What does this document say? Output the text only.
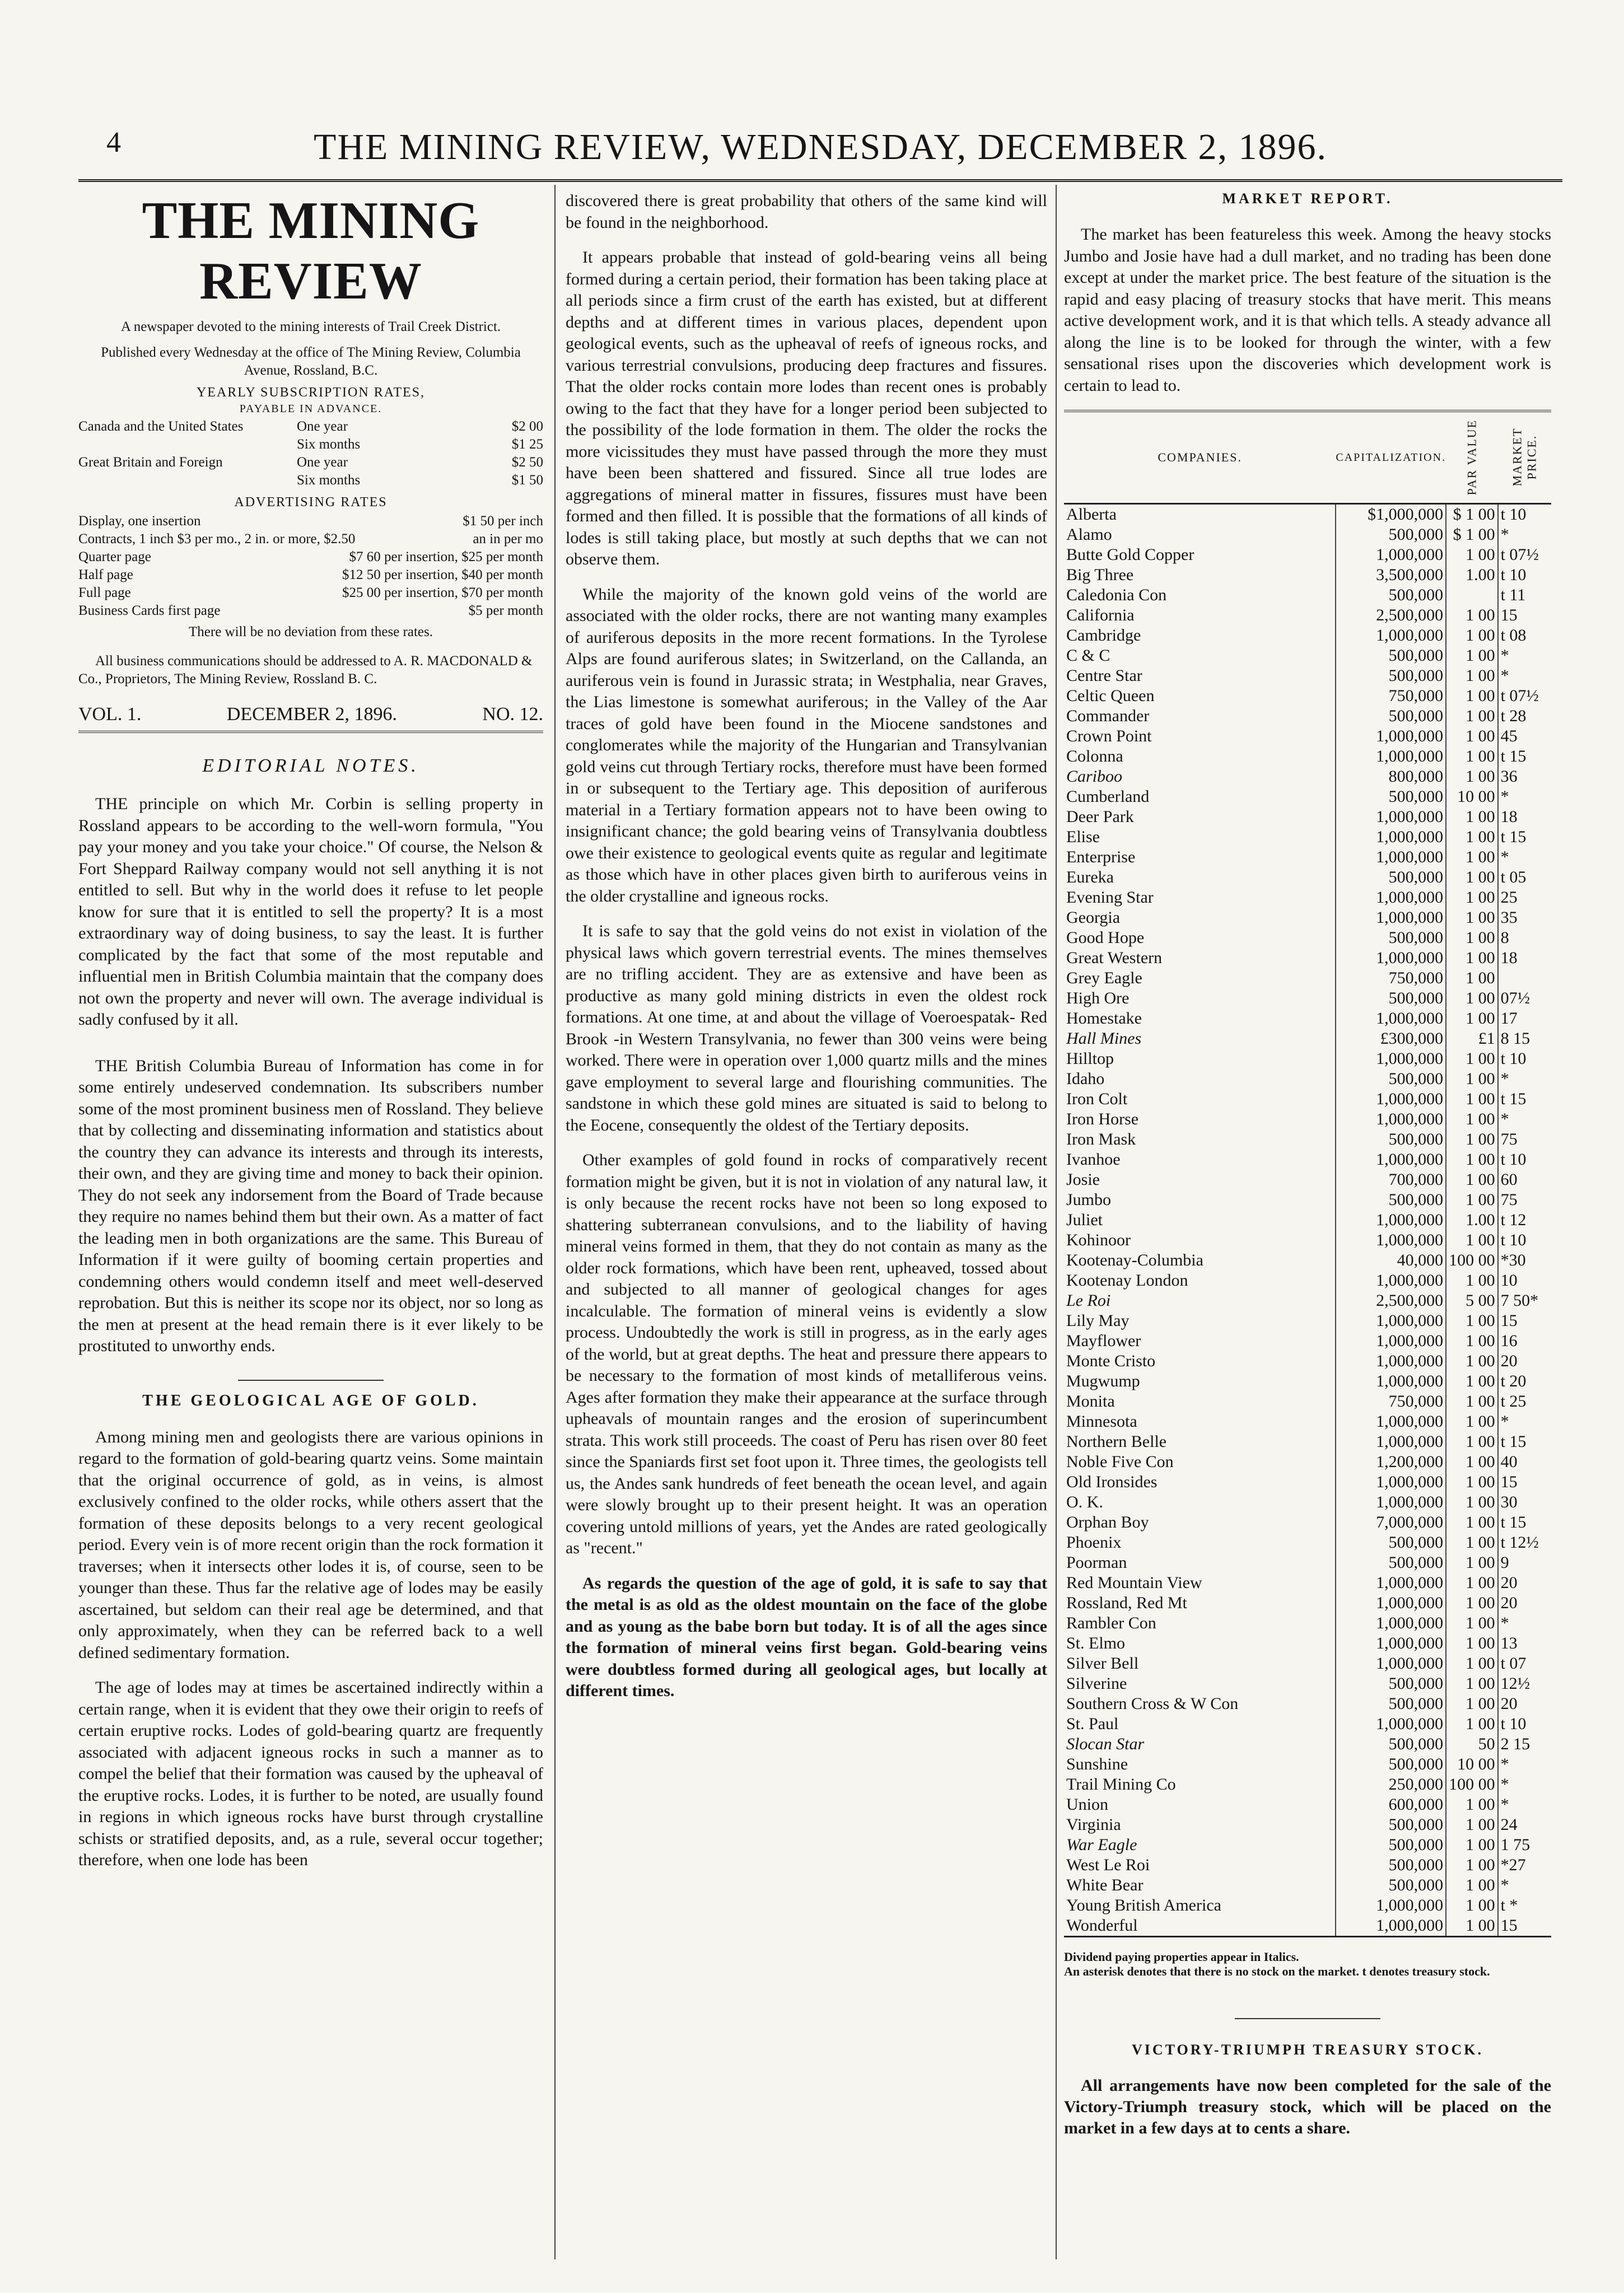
4	THE MINING REVIEW, WEDNESDAY, DECEMBER 2, 1896.
THE MINING REVIEW
A newspaper devoted to the mining interests of Trail Creek District.
Published every Wednesday at the office of The Mining Review, Columbia Avenue, Rossland, B.C.
YEARLY SUBSCRIPTION RATES,
PAYABLE IN ADVANCE.
Canada and the United States	One year	$2 00
Six months	$1 25
Great Britain and Foreign	One year	$2 50
Six months	$1 50
ADVERTISING RATES
Display, one insertion	$1 50 per inch
Contracts, 1 inch $3 per mo., 2 in. or more, $2.50	an in per mo
Quarter page	$7 60 per insertion, $25 per month
Half page	$12 50 per insertion, $40 per month
Full page	$25 00 per insertion, $70 per month
Business Cards first page	$5 per month
There will be no deviation from these rates.
All business communications should be addressed to A. R. MACDONALD & Co., Proprietors, The Mining Review, Rossland B. C.
VOL. 1.	DECEMBER 2, 1896.	NO. 12.
EDITORIAL NOTES.

THE principle on which Mr. Corbin is selling property in Rossland appears to be according to the well-worn formula, "You pay your money and you take your choice." Of course, the Nelson & Fort Sheppard Railway company would not sell anything it is not entitled to sell. But why in the world does it refuse to let people know for sure that it is entitled to sell the property? It is a most extraordinary way of doing business, to say the least. It is further complicated by the fact that some of the most reputable and influential men in British Columbia maintain that the company does not own the property and never will own. The average individual is sadly confused by it all.

THE British Columbia Bureau of Information has come in for some entirely undeserved condemnation. Its subscribers number some of the most prominent business men of Rossland. They believe that by collecting and disseminating information and statistics about the country they can advance its interests and through its interests, their own, and they are giving time and money to back their opinion. They do not seek any indorsement from the Board of Trade because they require no names behind them but their own. As a matter of fact the leading men in both organizations are the same. This Bureau of Information if it were guilty of booming certain properties and condemning others would condemn itself and meet well-deserved reprobation. But this is neither its scope nor its object, nor so long as the men at present at the head remain there is it ever likely to be prostituted to unworthy ends.

THE GEOLOGICAL AGE OF GOLD.

Among mining men and geologists there are various opinions in regard to the formation of gold-bearing quartz veins. Some maintain that the original occurrence of gold, as in veins, is almost exclusively confined to the older rocks, while others assert that the formation of these deposits belongs to a very recent geological period. Every vein is of more recent origin than the rock formation it traverses; when it intersects other lodes it is, of course, seen to be younger than these. Thus far the relative age of lodes may be easily ascertained, but seldom can their real age be determined, and that only approximately, when they can be referred back to a well defined sedimentary formation.

The age of lodes may at times be ascertained indirectly within a certain range, when it is evident that they owe their origin to reefs of certain eruptive rocks. Lodes of gold-bearing quartz are frequently associated with adjacent igneous rocks in such a manner as to compel the belief that their formation was caused by the upheaval of the eruptive rocks. Lodes, it is further to be noted, are usually found in regions in which igneous rocks have burst through crystalline schists or stratified deposits, and, as a rule, several occur together; therefore, when one lode has been

discovered there is great probability that others of the same kind will be found in the neighborhood.

It appears probable that instead of gold-bearing veins all being formed during a certain period, their formation has been taking place at all periods since a firm crust of the earth has existed, but at different depths and at different times in various places, dependent upon geological events, such as the upheaval of reefs of igneous rocks, and various terrestrial convulsions, producing deep fractures and fissures. That the older rocks contain more lodes than recent ones is probably owing to the fact that they have for a longer period been subjected to the possibility of the lode formation in them. The older the rocks the more vicissitudes they must have passed through the more they must have been been shattered and fissured. Since all true lodes are aggregations of mineral matter in fissures, fissures must have been formed and then filled. It is possible that the formations of all kinds of lodes is still taking place, but mostly at such depths that we can not observe them.

While the majority of the known gold veins of the world are associated with the older rocks, there are not wanting many examples of auriferous deposits in the more recent formations. In the Tyrolese Alps are found auriferous slates; in Switzerland, on the Callanda, an auriferous vein is found in Jurassic strata; in Westphalia, near Graves, the Lias limestone is somewhat auriferous; in the Valley of the Aar traces of gold have been found in the Miocene sandstones and conglomerates while the majority of the Hungarian and Transylvanian gold veins cut through Tertiary rocks, therefore must have been formed in or subsequent to the Tertiary age. This deposition of auriferous material in a Tertiary formation appears not to have been owing to insignificant chance; the gold bearing veins of Transylvania doubtless owe their existence to geological events quite as regular and legitimate as those which have in other places given birth to auriferous veins in the older crystalline and igneous rocks.

It is safe to say that the gold veins do not exist in violation of the physical laws which govern terrestrial events. The mines themselves are no trifling accident. They are as extensive and have been as productive as many gold mining districts in even the oldest rock formations. At one time, at and about the village of Voeroespatak- Red Brook -in Western Transylvania, no fewer than 300 veins were being worked. There were in operation over 1,000 quartz mills and the mines gave employment to several large and flourishing communities. The sandstone in which these gold mines are situated is said to belong to the Eocene, consequently the oldest of the Tertiary deposits.

Other examples of gold found in rocks of comparatively recent formation might be given, but it is not in violation of any natural law, it is only because the recent rocks have not been so long exposed to shattering subterranean convulsions, and to the liability of having mineral veins formed in them, that they do not contain as many as the older rock formations, which have been rent, upheaved, tossed about and subjected to all manner of geological changes for ages incalculable. The formation of mineral veins is evidently a slow process. Undoubtedly the work is still in progress, as in the early ages of the world, but at great depths. The heat and pressure there appears to be necessary to the formation of most kinds of metalliferous veins. Ages after formation they make their appearance at the surface through upheavals of mountain ranges and the erosion of superincumbent strata. This work still proceeds. The coast of Peru has risen over 80 feet since the Spaniards first set foot upon it. Three times, the geologists tell us, the Andes sank hundreds of feet beneath the ocean level, and again were slowly brought up to their present height. It was an operation covering untold millions of years, yet the Andes are rated geologically as "recent."

As regards the question of the age of gold, it is safe to say that the metal is as old as the oldest mountain on the face of the globe and as young as the babe born but today. It is of all the ages since the formation of mineral veins first began. Gold-bearing veins were doubtless formed during all geological ages, but locally at different times.

MARKET REPORT.

The market has been featureless this week. Among the heavy stocks Jumbo and Josie have had a dull market, and no trading has been done except at under the market price. The best feature of the situation is the rapid and easy placing of treasury stocks that have merit. This means active development work, and it is that which tells. A steady advance all along the line is to be looked for through the winter, with a few sensational rises upon the discoveries which development work is certain to lead to.

COMPANIES.	CAPITALIZATION.	PAR VALUE	MARKET PRICE.
Alberta	$1,000,000	$ 1 00	t 10
Alamo	500,000	$ 1 00	*
Butte Gold Copper	1,000,000	1 00	t 07½
Big Three	3,500,000	1.00	t 10
Caledonia Con	500,000		t 11
California	2,500,000	1 00	15
Cambridge	1,000,000	1 00	t 08
C & C	500,000	1 00	*
Centre Star	500,000	1 00	*
Celtic Queen	750,000	1 00	t 07½
Commander	500,000	1 00	t 28
Crown Point	1,000,000	1 00	45
Colonna	1,000,000	1 00	t 15
Cariboo	800,000	1 00	36
Cumberland	500,000	10 00	*
Deer Park	1,000,000	1 00	18
Elise	1,000,000	1 00	t 15
Enterprise	1,000,000	1 00	*
Eureka	500,000	1 00	t 05
Evening Star	1,000,000	1 00	25
Georgia	1,000,000	1 00	35
Good Hope	500,000	1 00	8
Great Western	1,000,000	1 00	18
Grey Eagle	750,000	1 00	
High Ore	500,000	1 00	07½
Homestake	1,000,000	1 00	17
Hall Mines	£300,000	£1	8 15
Hilltop	1,000,000	1 00	t 10
Idaho	500,000	1 00	*
Iron Colt	1,000,000	1 00	t 15
Iron Horse	1,000,000	1 00	*
Iron Mask	500,000	1 00	75
Ivanhoe	1,000,000	1 00	t 10
Josie	700,000	1 00	60
Jumbo	500,000	1 00	75
Juliet	1,000,000	1.00	t 12
Kohinoor	1,000,000	1 00	t 10
Kootenay-Columbia	40,000	100 00	*30
Kootenay London	1,000,000	1 00	10
Le Roi	2,500,000	5 00	7 50*
Lily May	1,000,000	1 00	15
Mayflower	1,000,000	1 00	16
Monte Cristo	1,000,000	1 00	20
Mugwump	1,000,000	1 00	t 20
Monita	750,000	1 00	t 25
Minnesota	1,000,000	1 00	*
Northern Belle	1,000,000	1 00	t 15
Noble Five Con	1,200,000	1 00	40
Old Ironsides	1,000,000	1 00	15
O. K.	1,000,000	1 00	30
Orphan Boy	7,000,000	1 00	t 15
Phoenix	500,000	1 00	t 12½
Poorman	500,000	1 00	9
Red Mountain View	1,000,000	1 00	20
Rossland, Red Mt	1,000,000	1 00	20
Rambler Con	1,000,000	1 00	*
St. Elmo	1,000,000	1 00	13
Silver Bell	1,000,000	1 00	t 07
Silverine	500,000	1 00	12½
Southern Cross & W Con	500,000	1 00	20
St. Paul	1,000,000	1 00	t 10
Slocan Star	500,000	50	2 15
Sunshine	500,000	10 00	*
Trail Mining Co	250,000	100 00	*
Union	600,000	1 00	*
Virginia	500,000	1 00	24
War Eagle	500,000	1 00	1 75
West Le Roi	500,000	1 00	*27
White Bear	500,000	1 00	*
Young British America	1,000,000	1 00	t *
Wonderful	1,000,000	1 00	15
Dividend paying properties appear in Italics.
An asterisk denotes that there is no stock on the market. t denotes treasury stock.
VICTORY-TRIUMPH TREASURY STOCK.
All arrangements have now been completed for the sale of the Victory-Triumph treasury stock, which will be placed on the market in a few days at to cents a share.
